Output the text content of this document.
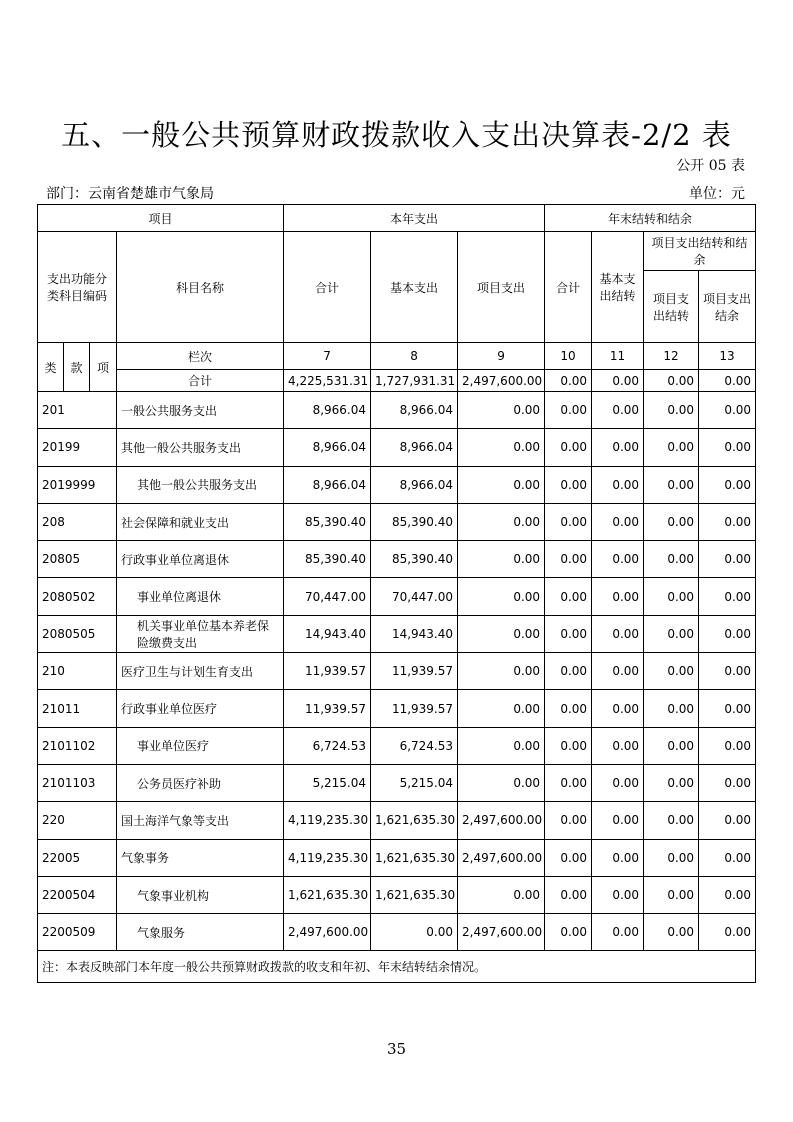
五、一般公共预算财政拨款收入支出决算表-2/2 表
公开 05 表
部门：云南省楚雄市气象局	单位：元
项目				本年支出			年末结转和结余			
支出功能分类科目编码			科目名称	合计	基本支出	项目支出	合计	基本支出结转	项目支出结转和结余	
									项目支出结转	项目支出结余
类	款	项	栏次	7	8	9	10	11	12	13
			合计	4,225,531.31	1,727,931.31	2,497,600.00	0.00	0.00	0.00	0.00
201			一般公共服务支出	8,966.04	8,966.04	0.00	0.00	0.00	0.00	0.00
20199			其他一般公共服务支出	8,966.04	8,966.04	0.00	0.00	0.00	0.00	0.00
2019999			其他一般公共服务支出	8,966.04	8,966.04	0.00	0.00	0.00	0.00	0.00
208			社会保障和就业支出	85,390.40	85,390.40	0.00	0.00	0.00	0.00	0.00
20805			行政事业单位离退休	85,390.40	85,390.40	0.00	0.00	0.00	0.00	0.00
2080502			事业单位离退休	70,447.00	70,447.00	0.00	0.00	0.00	0.00	0.00
2080505			机关事业单位基本养老保险缴费支出	14,943.40	14,943.40	0.00	0.00	0.00	0.00	0.00
210			医疗卫生与计划生育支出	11,939.57	11,939.57	0.00	0.00	0.00	0.00	0.00
21011			行政事业单位医疗	11,939.57	11,939.57	0.00	0.00	0.00	0.00	0.00
2101102			事业单位医疗	6,724.53	6,724.53	0.00	0.00	0.00	0.00	0.00
2101103			公务员医疗补助	5,215.04	5,215.04	0.00	0.00	0.00	0.00	0.00
220			国土海洋气象等支出	4,119,235.30	1,621,635.30	2,497,600.00	0.00	0.00	0.00	0.00
22005			气象事务	4,119,235.30	1,621,635.30	2,497,600.00	0.00	0.00	0.00	0.00
2200504			气象事业机构	1,621,635.30	1,621,635.30	0.00	0.00	0.00	0.00	0.00
2200509			气象服务	2,497,600.00	0.00	2,497,600.00	0.00	0.00	0.00	0.00
注：本表反映部门本年度一般公共预算财政拨款的收支和年初、年末结转结余情况。										
35
